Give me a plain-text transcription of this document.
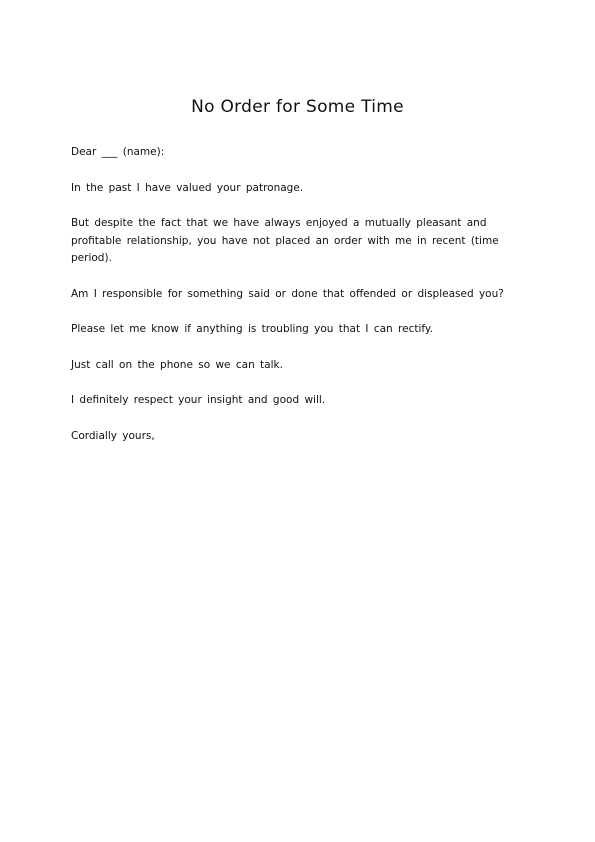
No Order for Some Time

Dear ___ (name):

In the past I have valued your patronage.

But despite the fact that we have always enjoyed a mutually pleasant and profitable relationship, you have not placed an order with me in recent (time period).

Am I responsible for something said or done that offended or displeased you?

Please let me know if anything is troubling you that I can rectify.

Just call on the phone so we can talk.

I definitely respect your insight and good will.

Cordially yours,
